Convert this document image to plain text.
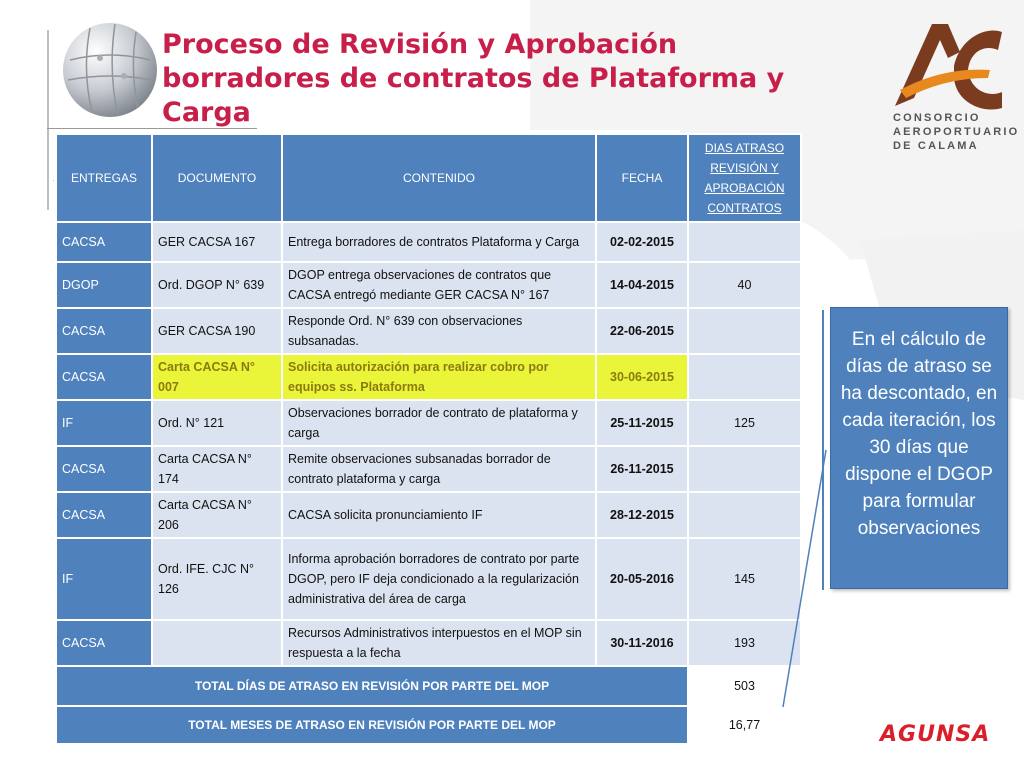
Proceso de Revisión y Aprobación borradores de contratos de Plataforma y Carga	CONSORCIO
AEROPORTUARIO
DE CALAMA
· ENTREGAS	DOCUMENTO	CONTENIDO	FECHA	DIAS ATRASO REVISIÓN Y APROBACIÓN CONTRATOS
CACSA	GER CACSA 167	Entrega borradores de contratos Plataforma y Carga	02-02-2015	
DGOP	Ord. DGOP N° 639	DGOP entrega observaciones de contratos que CACSA entregó mediante GER CACSA N° 167	14-04-2015	40
CACSA	GER CACSA 190	Responde Ord. N° 639 con observaciones subsanadas.	22-06-2015	
CACSA	Carta CACSA N° 007	Solicita autorización para realizar cobro por equipos ss. Plataforma	30-06-2015	
IF	Ord. N° 121	Observaciones borrador de contrato de plataforma y carga	25-11-2015	125
CACSA	Carta CACSA N° 174	Remite observaciones subsanadas borrador de contrato plataforma y carga	26-11-2015	
CACSA	Carta CACSA N° 206	CACSA solicita pronunciamiento IF	28-12-2015	
IF	Ord. IFE. CJC N° 126	Informa aprobación borradores de contrato por parte DGOP, pero IF deja condicionado a la regularización administrativa del área de carga	20-05-2016	145
CACSA		Recursos Administrativos interpuestos en el MOP sin respuesta a la fecha	30-11-2016	193
TOTAL DÍAS DE ATRASO EN REVISIÓN POR PARTE DEL MOP				503
TOTAL MESES DE ATRASO EN REVISIÓN POR PARTE DEL MOP				16,77
En el cálculo de días de atraso se ha descontado, en cada iteración, los 30 días que dispone el DGOP para formular observaciones
AGUNSA
